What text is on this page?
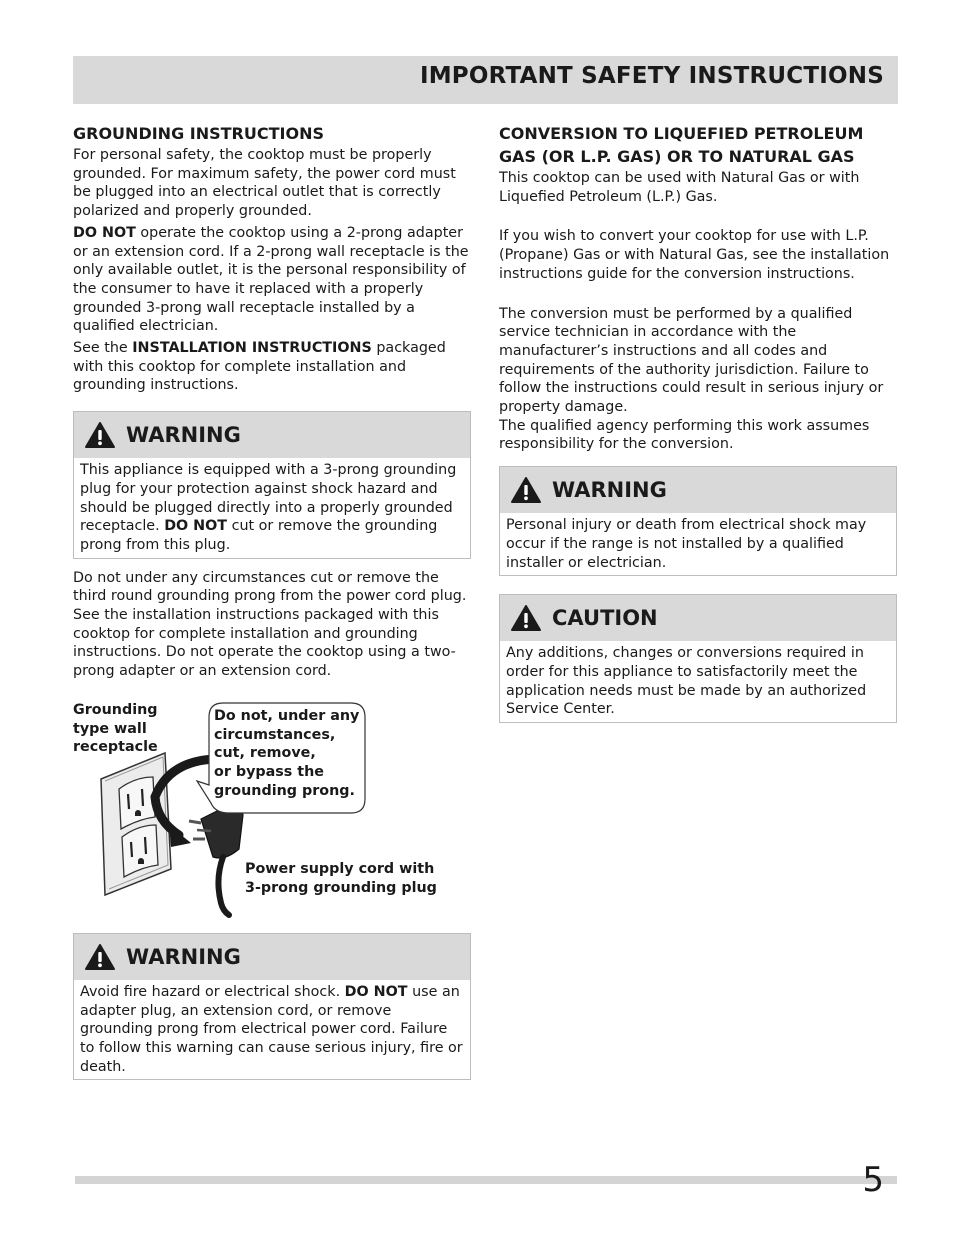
IMPORTANT SAFETY INSTRUCTIONS
GROUNDING INSTRUCTIONS

For personal safety, the cooktop must be properly grounded. For maximum safety, the power cord must be plugged into an electrical outlet that is correctly polarized and properly grounded.

DO NOT operate the cooktop using a 2-prong adapter or an extension cord. If a 2-prong wall receptacle is the only available outlet, it is the personal responsibility of the consumer to have it replaced with a properly grounded 3-prong wall receptacle installed by a qualified electrician.

See the INSTALLATION INSTRUCTIONS packaged with this cooktop for complete installation and grounding instructions.

WARNING

This appliance is equipped with a 3-prong grounding plug for your protection against shock hazard and should be plugged directly into a properly grounded receptacle. DO NOT cut or remove the grounding prong from this plug.

Do not under any circumstances cut or remove the third round grounding prong from the power cord plug. See the installation instructions packaged with this cooktop for complete installation and grounding instructions. Do not operate the cooktop using a two-prong adapter or an extension cord.

Grounding
type wall
receptacle
Do not, under any
circumstances,
cut, remove,
or bypass the
grounding prong.
Power supply cord with
3-prong grounding plug
WARNING

Avoid fire hazard or electrical shock. DO NOT use an adapter plug, an extension cord, or remove grounding prong from electrical power cord. Failure to follow this warning can cause serious injury, fire or death.

CONVERSION TO LIQUEFIED PETROLEUM
GAS (OR L.P. GAS) OR TO NATURAL GAS

This cooktop can be used with Natural Gas or with Liquefied Petroleum (L.P.) Gas.

If you wish to convert your cooktop for use with L.P. (Propane) Gas or with Natural Gas, see the installation instructions guide for the conversion instructions.

The conversion must be performed by a qualified service technician in accordance with the manufacturer’s instructions and all codes and requirements of the authority jurisdiction. Failure to follow the instructions could result in serious injury or property damage.

The qualified agency performing this work assumes responsibility for the conversion.

WARNING

Personal injury or death from electrical shock may occur if the range is not installed by a qualified installer or electrician.

CAUTION

Any additions, changes or conversions required in order for this appliance to satisfactorily meet the application needs must be made by an authorized Service Center.

5
